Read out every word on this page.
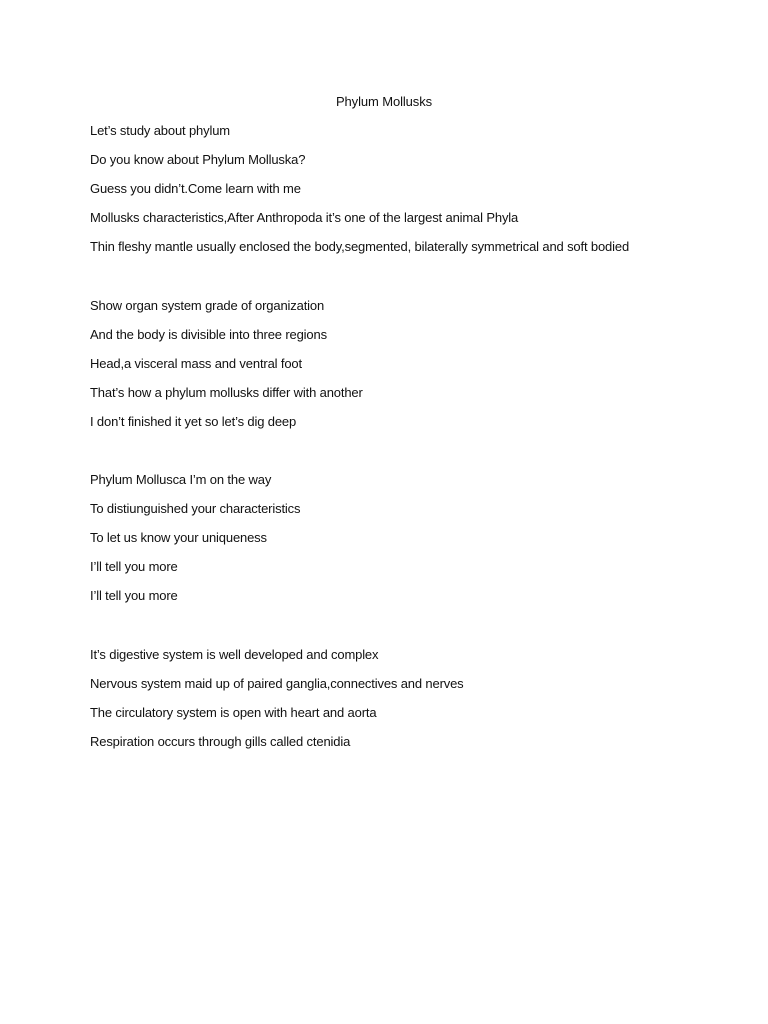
Phylum Mollusks
Let’s study about phylum
Do you know about Phylum Molluska?
Guess you didn’t.Come learn with me
Mollusks characteristics,After Anthropoda it’s one of the largest animal Phyla
Thin fleshy mantle usually enclosed the body,segmented, bilaterally symmetrical and soft bodied
Show organ system grade of organization
And the body is divisible into three regions
Head,a visceral mass and ventral foot
That’s how a phylum mollusks differ with another
I don’t finished it yet so let’s dig deep
Phylum Mollusca I’m on the way
To distiunguished your characteristics
To let us know your uniqueness
I’ll tell you more
I’ll tell you more
It’s digestive system is well developed and complex
Nervous system maid up of paired ganglia,connectives and nerves
The circulatory system is open with heart and aorta
Respiration occurs through gills called ctenidia
